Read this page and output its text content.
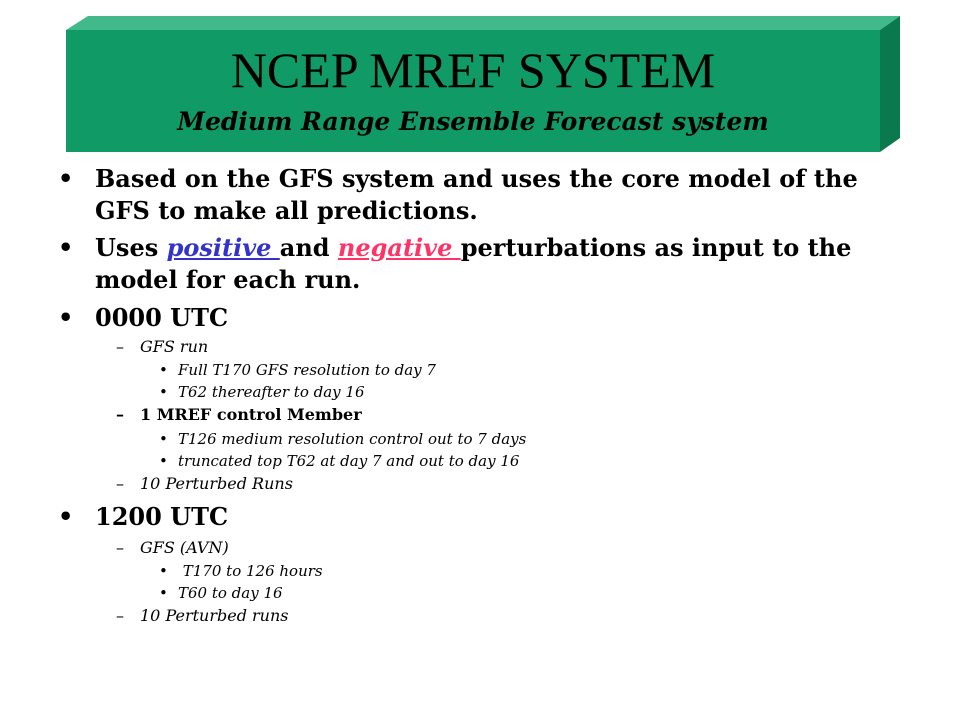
NCEP MREF SYSTEM
Medium Range Ensemble Forecast system
• Based on the GFS system and uses the core model of the GFS to make all predictions.
• Uses positive and negative perturbations as input to the model for each run.
• 0000 UTC
– GFS run
• Full T170 GFS resolution to day 7
• T62 thereafter to day 16
– 1 MREF control Member
• T126 medium resolution control out to 7 days
• truncated top T62 at day 7 and out to day 16
– 10 Perturbed Runs
• 1200 UTC
– GFS (AVN)
• T170 to 126 hours
• T60 to day 16
– 10 Perturbed runs
